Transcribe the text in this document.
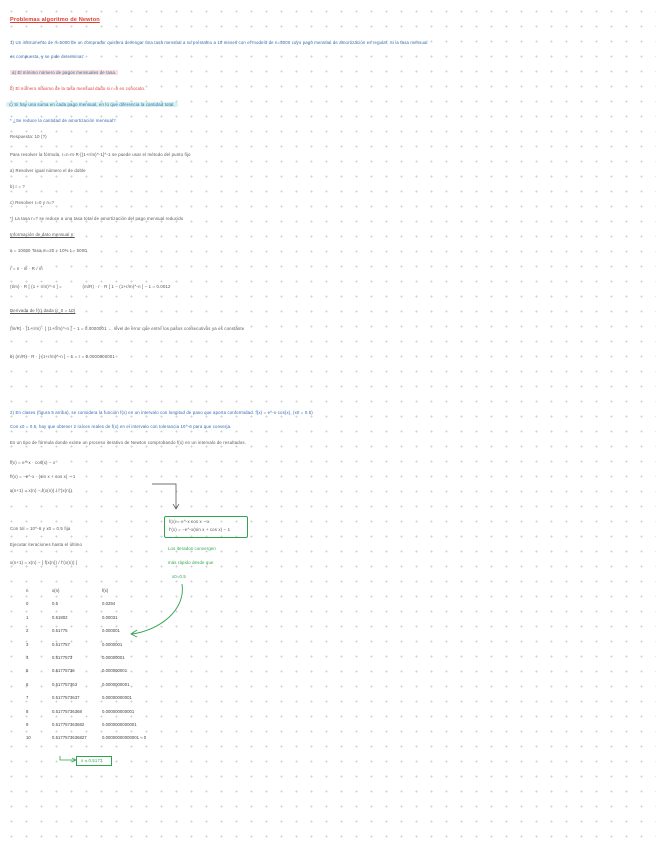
Problemas algoritmo de Newton
1) Un instrumento de n=5000 de un comprador quisiera devengar una tasa mensual a su préstamo a 10 meses con el modelo de n=5000 cuyo pago mensual de amortización es regular. Si la tasa mensual
es compuesta, y se pide determinar:
a) El mínimo número de pagos mensuales de tasa.
b) El número máximo de la tasa mensual dado si r=6 es conocido.
c) Si hay una suma en cada pago mensual, en lo que diferencia la cantidad total.
* ¿Se reduce la cantidad de amortización mensual?
Respuesta: 10 (?)
Para resolver la fórmula, r=n·m·R·[(1+r/m)^-1]^-1 se puede usar el método del punto fijo
a) Resolver igual número el de doble
b) r = ?
c) Resolver r=0 y n=?
*) La tasa r=? se reduce a una tasa total de amortización del pago mensual reducido
Información de dato mensual n:
n = 10000 Tasa m=20 ÷ 10% t = 5000
r = n · m · R / m
(t/m) · R [ (1 + r/m)^-n ] =	(m/R) · r · R [ 1 − (1+r/m)^-n ] − 1 = 0.0012
Derivada de f(r) dada (r_0 = 10)
(m/R) · (1+r/m) · [ (1+r/m)^-n ] − 1 = 0.0000001 ← nivel de error que entre los pasos consecutivos ya es constante
b) (m/R) · R · [ (1+r/m)^-n ] − 1 = r = 0.0000000001
2) En clases (figura 5 arriba), se considera la función f(x) en un intervalo con longitud de paso que aporta conformidad. f(x) = e^-x·cos(x), (x0 = 0.5)
Con x0 = 0.5, hay que obtener 2 raíces reales de f(x) en el intervalo con tolerancia 10^-6 para que converja.
Es un tipo de fórmula donde existe un proceso iterativo de Newton comprobando f(x) en un intervalo de resultados.
f(x) = e^-x · cos(x) − x
f'(x) = −e^-x · (sin x + cos x) − 1
x(n+1) = x(n) − f(x(n)) / f'(x(n))
f(x) = e^-x cos x − x
f'(x) = −e^-x(sin x + cos x) − 1
Con tol = 10^-6 y x0 = 0.5 fija
Ejecutar iteraciones hasta el último
x(n+1) = x(n) − [ f(x(n)) / f'(x(n)) ]
Los iterados convergen
más rápido desde que
x0=0.5
n	x(n)	f(x)
0	0.5	0.0294
1	0.51802	0.00031
2	0.51775	0.000001
3	0.517757	0.0000001
4	0.5177573	0.00000001
5	0.51775736	0.000000001
6	0.517757363	0.0000000001
7	0.5177573637	0.00000000001
8	0.51775736368	0.000000000001
9	0.517757363682	0.0000000000001
10	0.5177573636827	0.00000000000001 ≈ 0
x ≈ 0.5177
